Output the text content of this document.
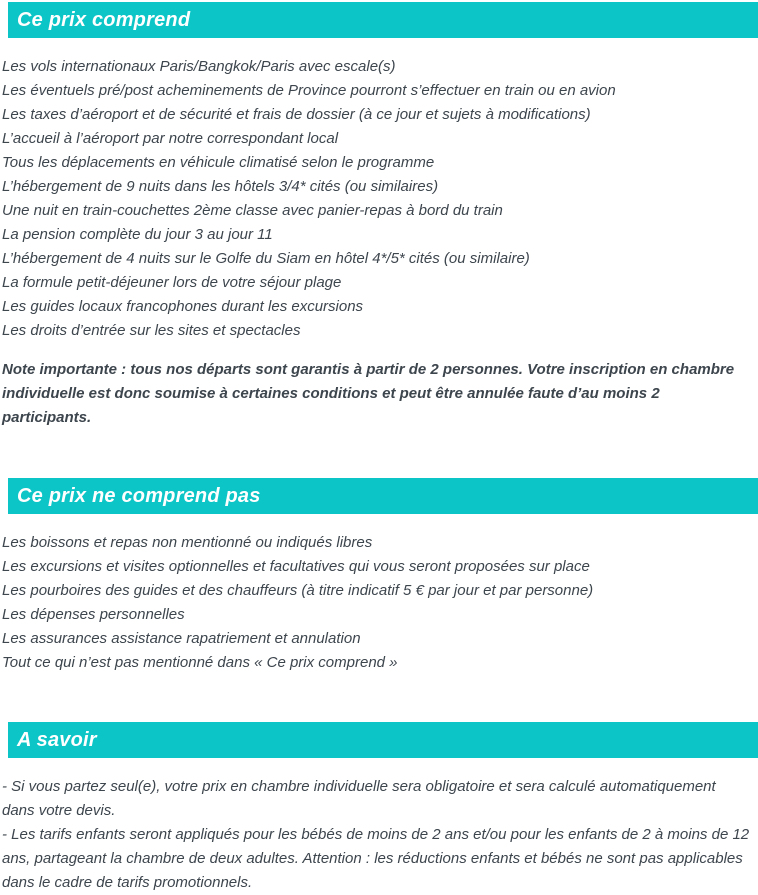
Ce prix comprend
Les vols internationaux Paris/Bangkok/Paris avec escale(s)
Les éventuels pré/post acheminements de Province pourront s’effectuer en train ou en avion
Les taxes d’aéroport et de sécurité et frais de dossier (à ce jour et sujets à modifications)
L’accueil à l’aéroport par notre correspondant local
Tous les déplacements en véhicule climatisé selon le programme
L’hébergement de 9 nuits dans les hôtels 3/4* cités (ou similaires)
Une nuit en train-couchettes 2ème classe avec panier-repas à bord du train
La pension complète du jour 3 au jour 11
L’hébergement de 4 nuits sur le Golfe du Siam en hôtel 4*/5* cités (ou similaire)
La formule petit-déjeuner lors de votre séjour plage
Les guides locaux francophones durant les excursions
Les droits d’entrée sur les sites et spectacles
Note importante : tous nos départs sont garantis à partir de 2 personnes. Votre inscription en chambre individuelle est donc soumise à certaines conditions et peut être annulée faute d’au moins 2 participants.
Ce prix ne comprend pas
Les boissons et repas non mentionné ou indiqués libres
Les excursions et visites optionnelles et facultatives qui vous seront proposées sur place
Les pourboires des guides et des chauffeurs (à titre indicatif 5 € par jour et par personne)
Les dépenses personnelles
Les assurances assistance rapatriement et annulation
Tout ce qui n’est pas mentionné dans « Ce prix comprend »
A savoir

- Si vous partez seul(e), votre prix en chambre individuelle sera obligatoire et sera calculé automatiquement dans votre devis.

- Les tarifs enfants seront appliqués pour les bébés de moins de 2 ans et/ou pour les enfants de 2 à moins de 12 ans, partageant la chambre de deux adultes. Attention : les réductions enfants et bébés ne sont pas applicables dans le cadre de tarifs promotionnels.
